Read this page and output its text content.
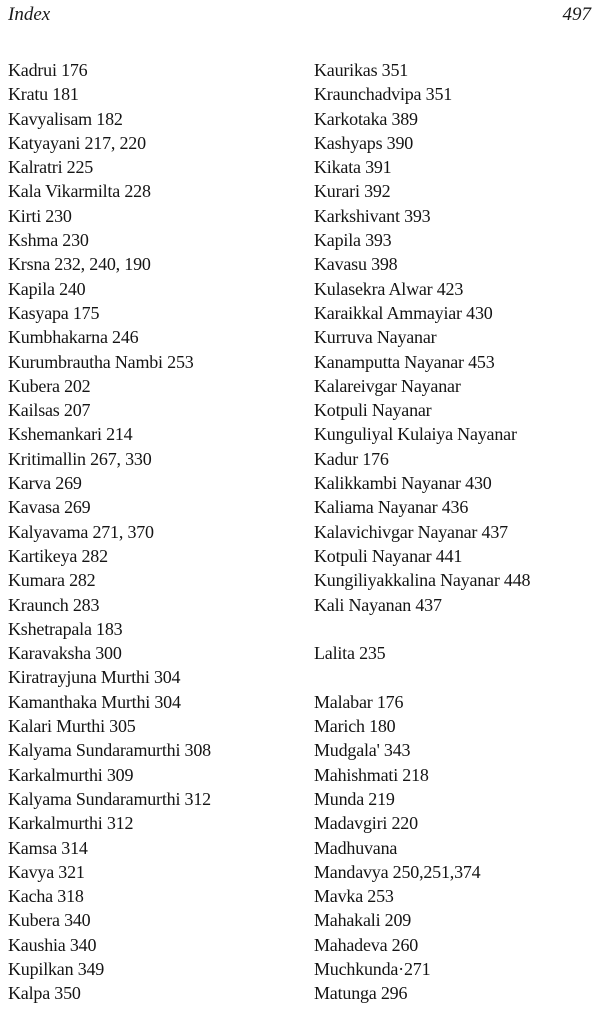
Index	497
Kadrui 176
Kratu 181
Kavyalisam 182
Katyayani 217, 220
Kalratri 225
Kala Vikarmilta 228
Kirti 230
Kshma 230
Krsna 232, 240, 190
Kapila 240
Kasyapa 175
Kumbhakarna 246
Kurumbrautha Nambi 253
Kubera 202
Kailsas 207
Kshemankari 214
Kritimallin 267, 330
Karva 269
Kavasa 269
Kalyavama 271, 370
Kartikeya 282
Kumara 282
Kraunch 283
Kshetrapala 183
Karavaksha 300
Kiratrayjuna Murthi 304
Kamanthaka Murthi 304
Kalari Murthi 305
Kalyama Sundaramurthi 308
Karkalmurthi 309
Kalyama Sundaramurthi 312
Karkalmurthi 312
Kamsa 314
Kavya 321
Kacha 318
Kubera 340
Kaushia 340
Kupilkan 349
Kalpa 350
Kaurikas 351
Kraunchadvipa 351
Karkotaka 389
Kashyaps 390
Kikata 391
Kurari 392
Karkshivant 393
Kapila 393
Kavasu 398
Kulasekra Alwar 423
Karaikkal Ammayiar 430
Kurruva Nayanar
Kanamputta Nayanar 453
Kalareivgar Nayanar
Kotpuli Nayanar
Kunguliyal Kulaiya Nayanar
Kadur 176
Kalikkambi Nayanar 430
Kaliama Nayanar 436
Kalavichivgar Nayanar 437
Kotpuli Nayanar 441
Kungiliyakkalina Nayanar 448
Kali Nayanan 437
Lalita 235
Malabar 176
Marich 180
Mudgala' 343
Mahishmati 218
Munda 219
Madavgiri 220
Madhuvana
Mandavya 250,251,374
Mavka 253
Mahakali 209
Mahadeva 260
Muchkunda·271
Matunga 296
